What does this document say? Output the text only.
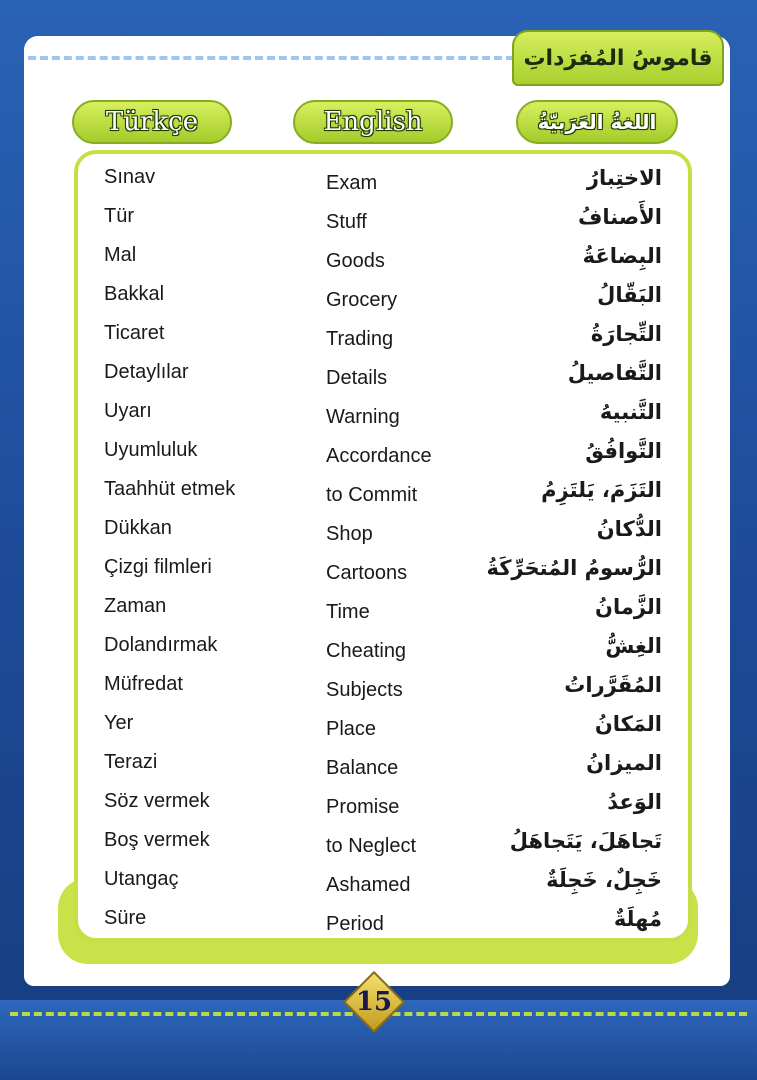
قاموسُ المُفرَداتِ
Türkçe	English	اللغةُ العَرَبيّةُ
Sınav	Exam	الاختِبارُ
Tür	Stuff	الأَصنافُ
Mal	Goods	البِضاعَةُ
Bakkal	Grocery	البَقّالُ
Ticaret	Trading	التِّجارَةُ
Detaylılar	Details	التَّفاصيلُ
Uyarı	Warning	التَّنبيهُ
Uyumluluk	Accordance	التَّوافُقُ
Taahhüt etmek	to Commit	التَزَمَ، يَلتَزِمُ
Dükkan	Shop	الدُّكانُ
Çizgi filmleri	Cartoons	الرُّسومُ المُتحَرِّكَةُ
Zaman	Time	الزَّمانُ
Dolandırmak	Cheating	الغِشُّ
Müfredat	Subjects	المُقَرَّراتُ
Yer	Place	المَكانُ
Terazi	Balance	الميزانُ
Söz vermek	Promise	الوَعدُ
Boş vermek	to Neglect	تَجاهَلَ، يَتَجاهَلُ
Utangaç	Ashamed	خَجِلٌ، خَجِلَةٌ
Süre	Period	مُهلَةٌ
15
